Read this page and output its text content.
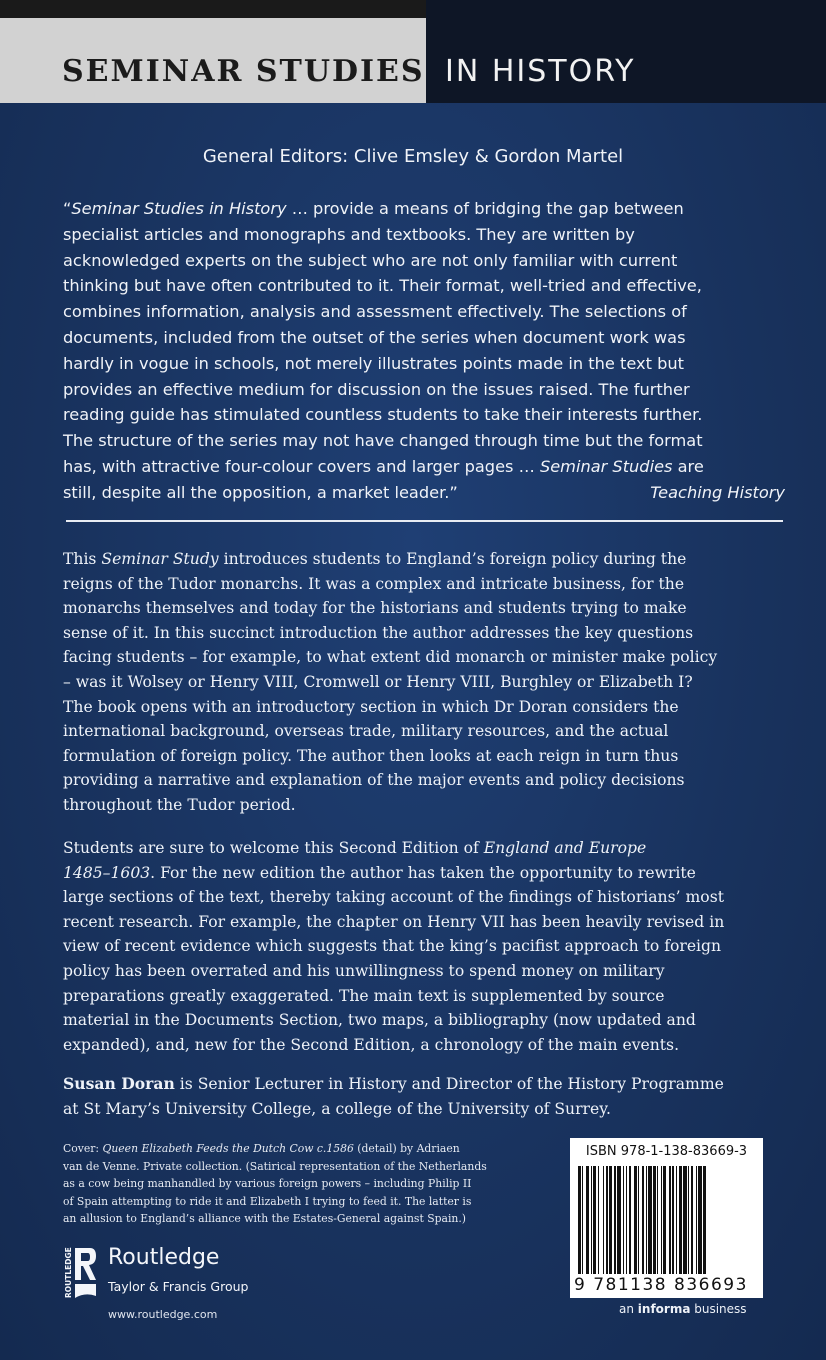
SEMINAR STUDIES IN HISTORY
General Editors: Clive Emsley & Gordon Martel

“Seminar Studies in History … provide a means of bridging the gap between

specialist articles and monographs and textbooks. They are written by

acknowledged experts on the subject who are not only familiar with current

thinking but have often contributed to it. Their format, well-tried and effective,

combines information, analysis and assessment effectively. The selections of

documents, included from the outset of the series when document work was

hardly in vogue in schools, not merely illustrates points made in the text but

provides an effective medium for discussion on the issues raised. The further

reading guide has stimulated countless students to take their interests further.

The structure of the series may not have changed through time but the format

has, with attractive four-colour covers and larger pages … Seminar Studies are

still, despite all the opposition, a market leader.”	Teaching History

This Seminar Study introduces students to England’s foreign policy during the

reigns of the Tudor monarchs. It was a complex and intricate business, for the

monarchs themselves and today for the historians and students trying to make

sense of it. In this succinct introduction the author addresses the key questions

facing students – for example, to what extent did monarch or minister make policy

– was it Wolsey or Henry VIII, Cromwell or Henry VIII, Burghley or Elizabeth I?

The book opens with an introductory section in which Dr Doran considers the

international background, overseas trade, military resources, and the actual

formulation of foreign policy. The author then looks at each reign in turn thus

providing a narrative and explanation of the major events and policy decisions

throughout the Tudor period.

Students are sure to welcome this Second Edition of England and Europe

1485–1603. For the new edition the author has taken the opportunity to rewrite

large sections of the text, thereby taking account of the findings of historians’ most

recent research. For example, the chapter on Henry VII has been heavily revised in

view of recent evidence which suggests that the king’s pacifist approach to foreign

policy has been overrated and his unwillingness to spend money on military

preparations greatly exaggerated. The main text is supplemented by source

material in the Documents Section, two maps, a bibliography (now updated and

expanded), and, new for the Second Edition, a chronology of the main events.

Susan Doran is Senior Lecturer in History and Director of the History Programme

at St Mary’s University College, a college of the University of Surrey.

Cover: Queen Elizabeth Feeds the Dutch Cow c.1586 (detail) by Adriaen

van de Venne. Private collection. (Satirical representation of the Netherlands

as a cow being manhandled by various foreign powers – including Philip II

of Spain attempting to ride it and Elizabeth I trying to feed it. The latter is

an allusion to England’s alliance with the Estates-General against Spain.)

ROUTLEDGE Routledge
Taylor & Francis Group
www.routledge.com
ISBN 978-1-138-83669-3
9 781138 836693
an informa business
